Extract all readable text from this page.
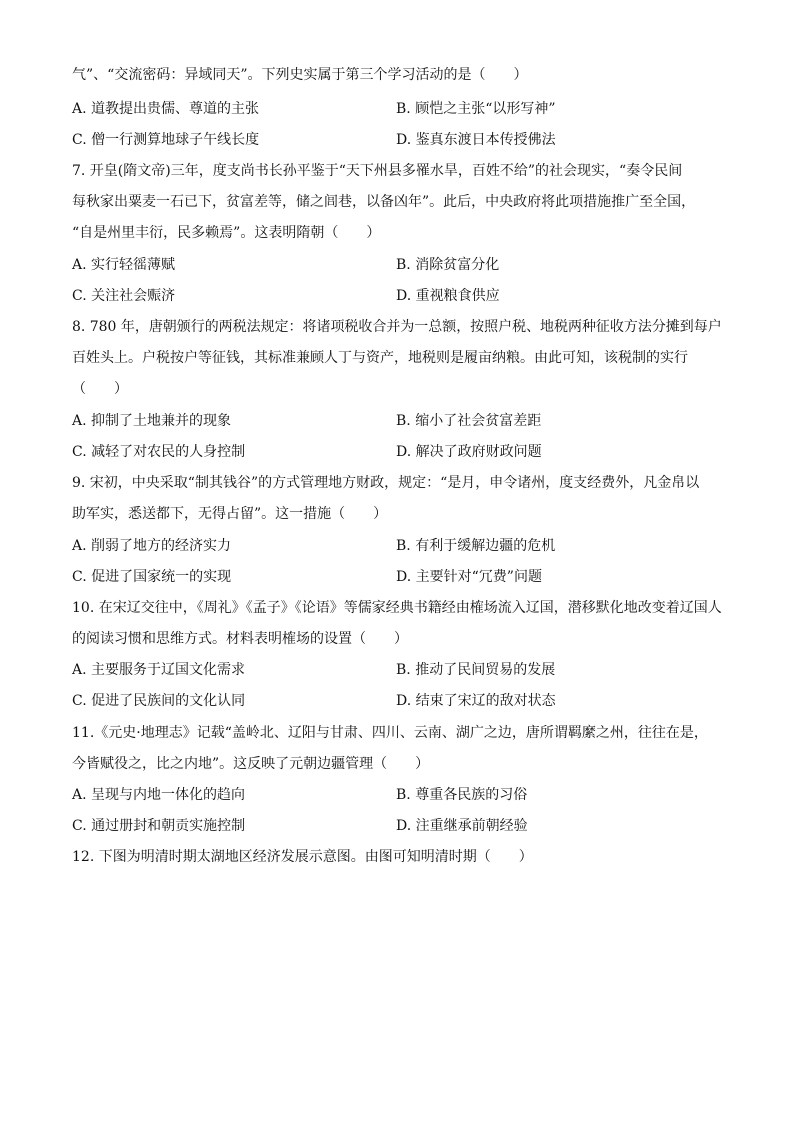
气”、“交流密码：异域同天”。下列史实属于第三个学习活动的是（　　）
A. 道教提出贵儒、尊道的主张	B. 顾恺之主张“以形写神”
C. 僧一行测算地球子午线长度	D. 鉴真东渡日本传授佛法
7. 开皇(隋文帝)三年，度支尚书长孙平鉴于“天下州县多罹水旱，百姓不给”的社会现实，“奏令民间
每秋家出粟麦一石已下，贫富差等，储之闾巷，以备凶年”。此后，中央政府将此项措施推广至全国，
“自是州里丰衍，民多赖焉”。这表明隋朝（　　）
A. 实行轻徭薄赋	B. 消除贫富分化
C. 关注社会赈济	D. 重视粮食供应
8. 780 年，唐朝颁行的两税法规定：将诸项税收合并为一总额，按照户税、地税两种征收方法分摊到每户
百姓头上。户税按户等征钱，其标准兼顾人丁与资产，地税则是履亩纳粮。由此可知，该税制的实行
（　　）
A. 抑制了土地兼并的现象	B. 缩小了社会贫富差距
C. 减轻了对农民的人身控制	D. 解决了政府财政问题
9. 宋初，中央采取“制其钱谷”的方式管理地方财政，规定：“是月，申令诸州，度支经费外，凡金帛以
助军实，悉送都下，无得占留”。这一措施（　　）
A. 削弱了地方的经济实力	B. 有利于缓解边疆的危机
C. 促进了国家统一的实现	D. 主要针对“冗费”问题
10. 在宋辽交往中，《周礼》《孟子》《论语》等儒家经典书籍经由榷场流入辽国，潜移默化地改变着辽国人
的阅读习惯和思维方式。材料表明榷场的设置（　　）
A. 主要服务于辽国文化需求	B. 推动了民间贸易的发展
C. 促进了民族间的文化认同	D. 结束了宋辽的敌对状态
11.《元史·地理志》记载“盖岭北、辽阳与甘肃、四川、云南、湖广之边，唐所谓羁縻之州，往往在是，
今皆赋役之，比之内地”。这反映了元朝边疆管理（　　）
A. 呈现与内地一体化的趋向	B. 尊重各民族的习俗
C. 通过册封和朝贡实施控制	D. 注重继承前朝经验
12. 下图为明清时期太湖地区经济发展示意图。由图可知明清时期（　　）
